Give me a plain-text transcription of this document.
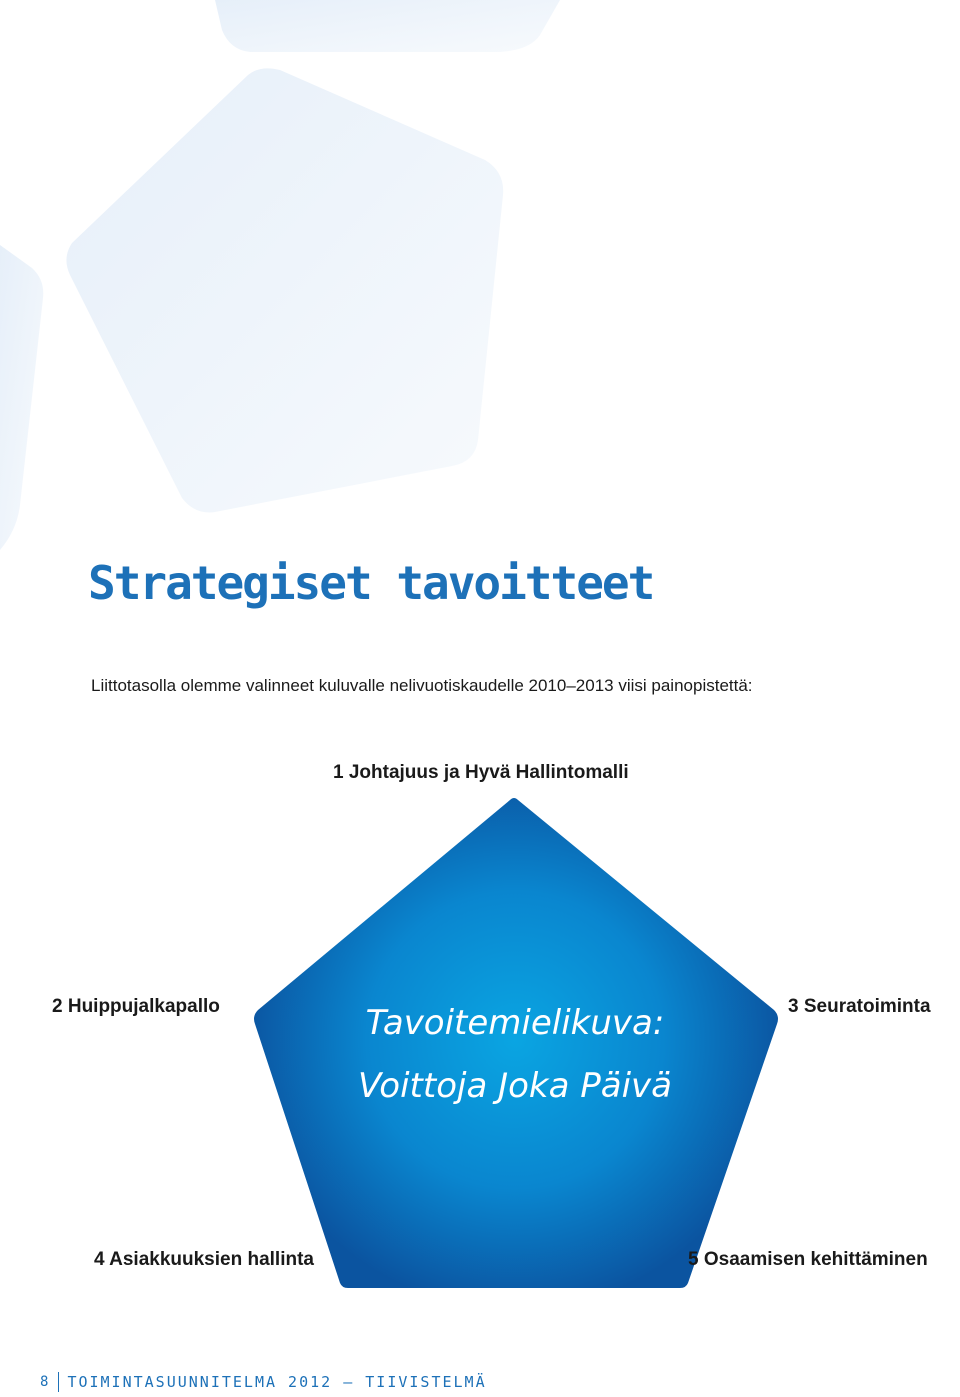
Strategiset tavoitteet

Liittotasolla olemme valinneet kuluvalle nelivuotiskaudelle 2010–2013 viisi painopistettä:

1 Johtajuus ja Hyvä Hallintomalli

2 Huippujalkapallo	3 Seuratoiminta

4 Asiakkuuksien hallinta	5 Osaamisen kehittäminen

Tavoitemielikuva:

Voittoja Joka Päivä

8 TOIMINTASUUNNITELMA 2012 – TIIVISTELMÄ
